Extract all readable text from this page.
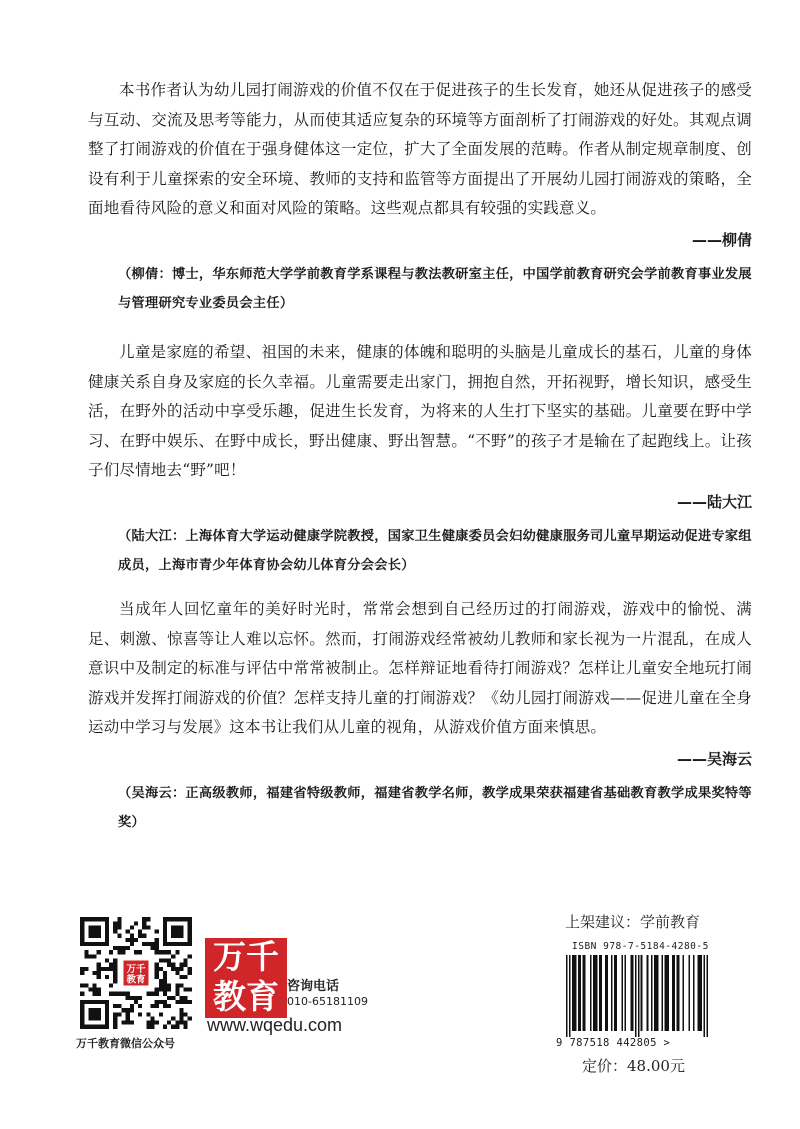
本书作者认为幼儿园打闹游戏的价值不仅在于促进孩子的生长发育，她还从促进孩子的感受与互动、交流及思考等能力，从而使其适应复杂的环境等方面剖析了打闹游戏的好处。其观点调整了打闹游戏的价值在于强身健体这一定位，扩大了全面发展的范畴。作者从制定规章制度、创设有利于儿童探索的安全环境、教师的支持和监管等方面提出了开展幼儿园打闹游戏的策略，全面地看待风险的意义和面对风险的策略。这些观点都具有较强的实践意义。

——柳倩
（柳倩：博士，华东师范大学学前教育学系课程与教法教研室主任，中国学前教育研究会学前教育事业发展与管理研究专业委员会主任）

儿童是家庭的希望、祖国的未来，健康的体魄和聪明的头脑是儿童成长的基石，儿童的身体健康关系自身及家庭的长久幸福。儿童需要走出家门，拥抱自然，开拓视野，增长知识，感受生活，在野外的活动中享受乐趣，促进生长发育，为将来的人生打下坚实的基础。儿童要在野中学习、在野中娱乐、在野中成长，野出健康、野出智慧。“不野”的孩子才是输在了起跑线上。让孩子们尽情地去“野”吧！

——陆大江
（陆大江：上海体育大学运动健康学院教授，国家卫生健康委员会妇幼健康服务司儿童早期运动促进专家组成员，上海市青少年体育协会幼儿体育分会会长）

当成年人回忆童年的美好时光时，常常会想到自己经历过的打闹游戏，游戏中的愉悦、满足、刺激、惊喜等让人难以忘怀。然而，打闹游戏经常被幼儿教师和家长视为一片混乱，在成人意识中及制定的标准与评估中常常被制止。怎样辩证地看待打闹游戏？怎样让儿童安全地玩打闹游戏并发挥打闹游戏的价值？怎样支持儿童的打闹游戏？《幼儿园打闹游戏——促进儿童在全身运动中学习与发展》这本书让我们从儿童的视角，从游戏价值方面来慎思。

——吴海云
（吴海云：正高级教师，福建省特级教师，福建省教学名师，教学成果荣获福建省基础教育教学成果奖特等奖）
万千
教育
万千教育微信公众号
万千
教育 咨询电话
010-65181109
www.wqedu.com
上架建议：学前教育
ISBN 978-7-5184-4280-5
9 787518 442805 >
定价：48.00元
